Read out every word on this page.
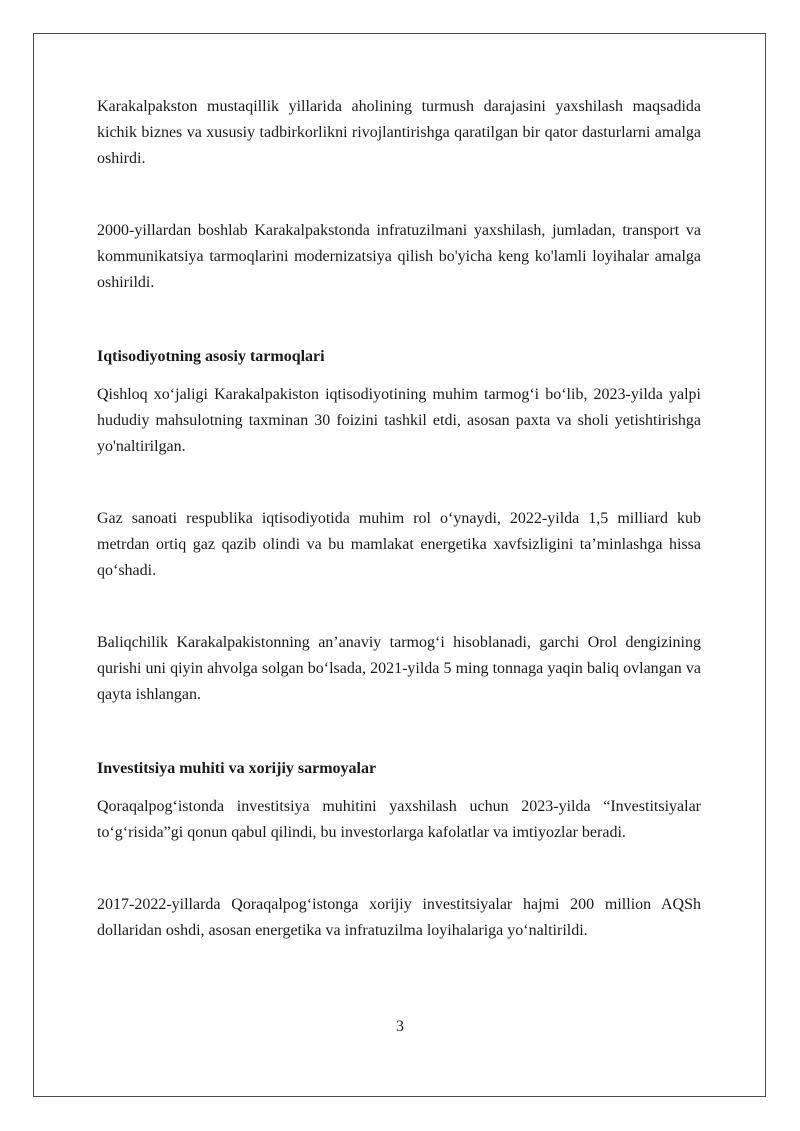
Karakalpakston mustaqillik yillarida aholining turmush darajasini yaxshilash maqsadida kichik biznes va xususiy tadbirkorlikni rivojlantirishga qaratilgan bir qator dasturlarni amalga oshirdi.

2000-yillardan boshlab Karakalpakstonda infratuzilmani yaxshilash, jumladan, transport va kommunikatsiya tarmoqlarini modernizatsiya qilish bo'yicha keng ko'lamli loyihalar amalga oshirildi.

Iqtisodiyotning asosiy tarmoqlari

Qishloq xo‘jaligi Karakalpakiston iqtisodiyotining muhim tarmog‘i bo‘lib, 2023-yilda yalpi hududiy mahsulotning taxminan 30 foizini tashkil etdi, asosan paxta va sholi yetishtirishga yo'naltirilgan.

Gaz sanoati respublika iqtisodiyotida muhim rol o‘ynaydi, 2022-yilda 1,5 milliard kub metrdan ortiq gaz qazib olindi va bu mamlakat energetika xavfsizligini ta’minlashga hissa qo‘shadi.

Baliqchilik Karakalpakistonning an’anaviy tarmog‘i hisoblanadi, garchi Orol dengizining qurishi uni qiyin ahvolga solgan bo‘lsada, 2021-yilda 5 ming tonnaga yaqin baliq ovlangan va qayta ishlangan.

Investitsiya muhiti va xorijiy sarmoyalar

Qoraqalpog‘istonda investitsiya muhitini yaxshilash uchun 2023-yilda “Investitsiyalar to‘g‘risida”gi qonun qabul qilindi, bu investorlarga kafolatlar va imtiyozlar beradi.

2017-2022-yillarda Qoraqalpog‘istonga xorijiy investitsiyalar hajmi 200 million AQSh dollaridan oshdi, asosan energetika va infratuzilma loyihalariga yo‘naltirildi.

3
